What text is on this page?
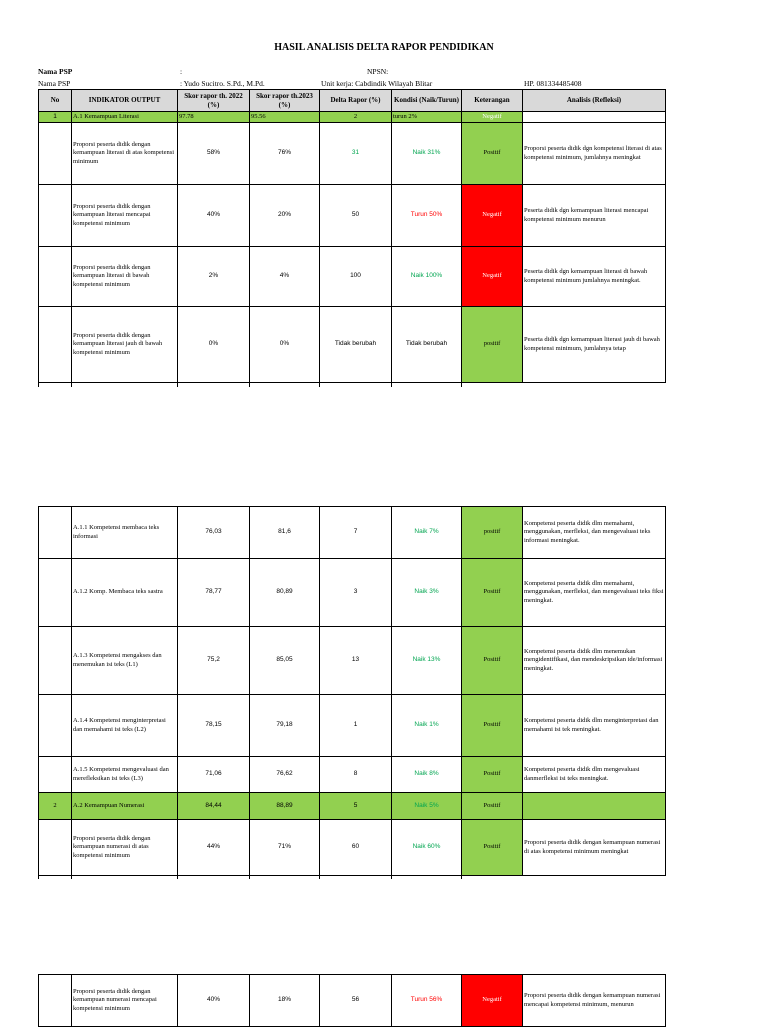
HASIL ANALISIS DELTA RAPOR PENDIDIKAN
Nama PSP	:	NPSN:
Nama PSP	: Yudo Sucitro. S.Pd., M.Pd.	Unit kerja: Cabdindik Wilayah Blitar	HP. 081334485408
No	INDIKATOR OUTPUT	Skor rapor th. 2022 (%)	Skor rapor th.2023 (%)	Delta Rapor (%)	Kondisi (Naik/Turun)	Keterangan	Analisis (Refleksi)
1	A.1 Kemampuan Literasi	97.78	95.56	2	turun 2%	Negatif	
	Proporsi peserta didik dengan kemampuan literasi di atas kompetensi minimum	58%	76%	31	Naik 31%	Positif	Proporsi peserta didik dgn kompetensi literasi di atas kompetensi minimum, jumlahnya meningkat
	Proporsi peserta didik dengan kemampuan literasi mencapai kompetensi minimum	40%	20%	50	Turun 50%	Negatif	Peserta didik dgn kemampuan literasi mencapai kompetensi minimum menurun
	Proporsi peserta didik dengan kemampuan literasi di bawah kompetensi minimum	2%	4%	100	Naik 100%	Negatif	Peserta didik dgn kemampuan literasi di bawah kompetensi minimum jumlahnya meningkat.
	Proporsi peserta didik dengan kemampuan literasi jauh di bawah kompetensi minimum	0%	0%	Tidak berubah	Tidak berubah	positif	Peserta didik dgn kemampuan literasi jauh di bawah kompetensi minimum, jumlahnya tetap

	A.1.1 Kompetensi membaca teks informasi	76,03	81,6	7	Naik 7%	positif	Kompetensi peserta didik dlm memahami, menggunakan, merfleksi, dan mengevaluasi teks informasi meningkat.
	A.1.2 Komp. Membaca teks sastra	78,77	80,89	3	Naik 3%	Positif	Kompetensi peserta didik dlm memahami, menggunakan, merfleksi, dan mengevaluasi teks fiksi meningkat.
	A.1.3 Kompetensi mengakses dan menemukan isi teks (L1)	75,2	85,05	13	Naik 13%	Positif	Kompetensi peserta didik dlm menemukan mengidentifikasi, dan mendeskripsikan ide/informasi meningkat.
	A.1.4 Kompetensi menginterpretasi dan memahami isi teks (L2)	78,15	79,18	1	Naik 1%	Positif	Kompetensi peserta didik dlm menginterpretasi dan memahami isi tek meningkat.
	A.1.5 Kompetensi mengevaluasi dan merefleksikan isi teks (L3)	71,06	76,62	8	Naik 8%	Positif	Kompetensi peserta didik dlm mengevaluasi danmerfleksi isi teks meningkat.
2	A.2 Kemampuan Numerasi	84,44	88,89	5	Naik 5%	Positif	
	Proporsi peserta didik dengan kemampuan numerasi di atas kompetensi minimum	44%	71%	60	Naik 60%	Positif	Proporsi peserta didik dengan kemampuan numerasi di atas kompetensi minimum meningkat

	Proporsi peserta didik dengan kemampuan numerasi mencapai kompetensi minimum	40%	18%	56	Turun 56%	Negatif	Proporsi peserta didik dengan kemampuan numerasi mencapai kompetensi minimum, menurun
